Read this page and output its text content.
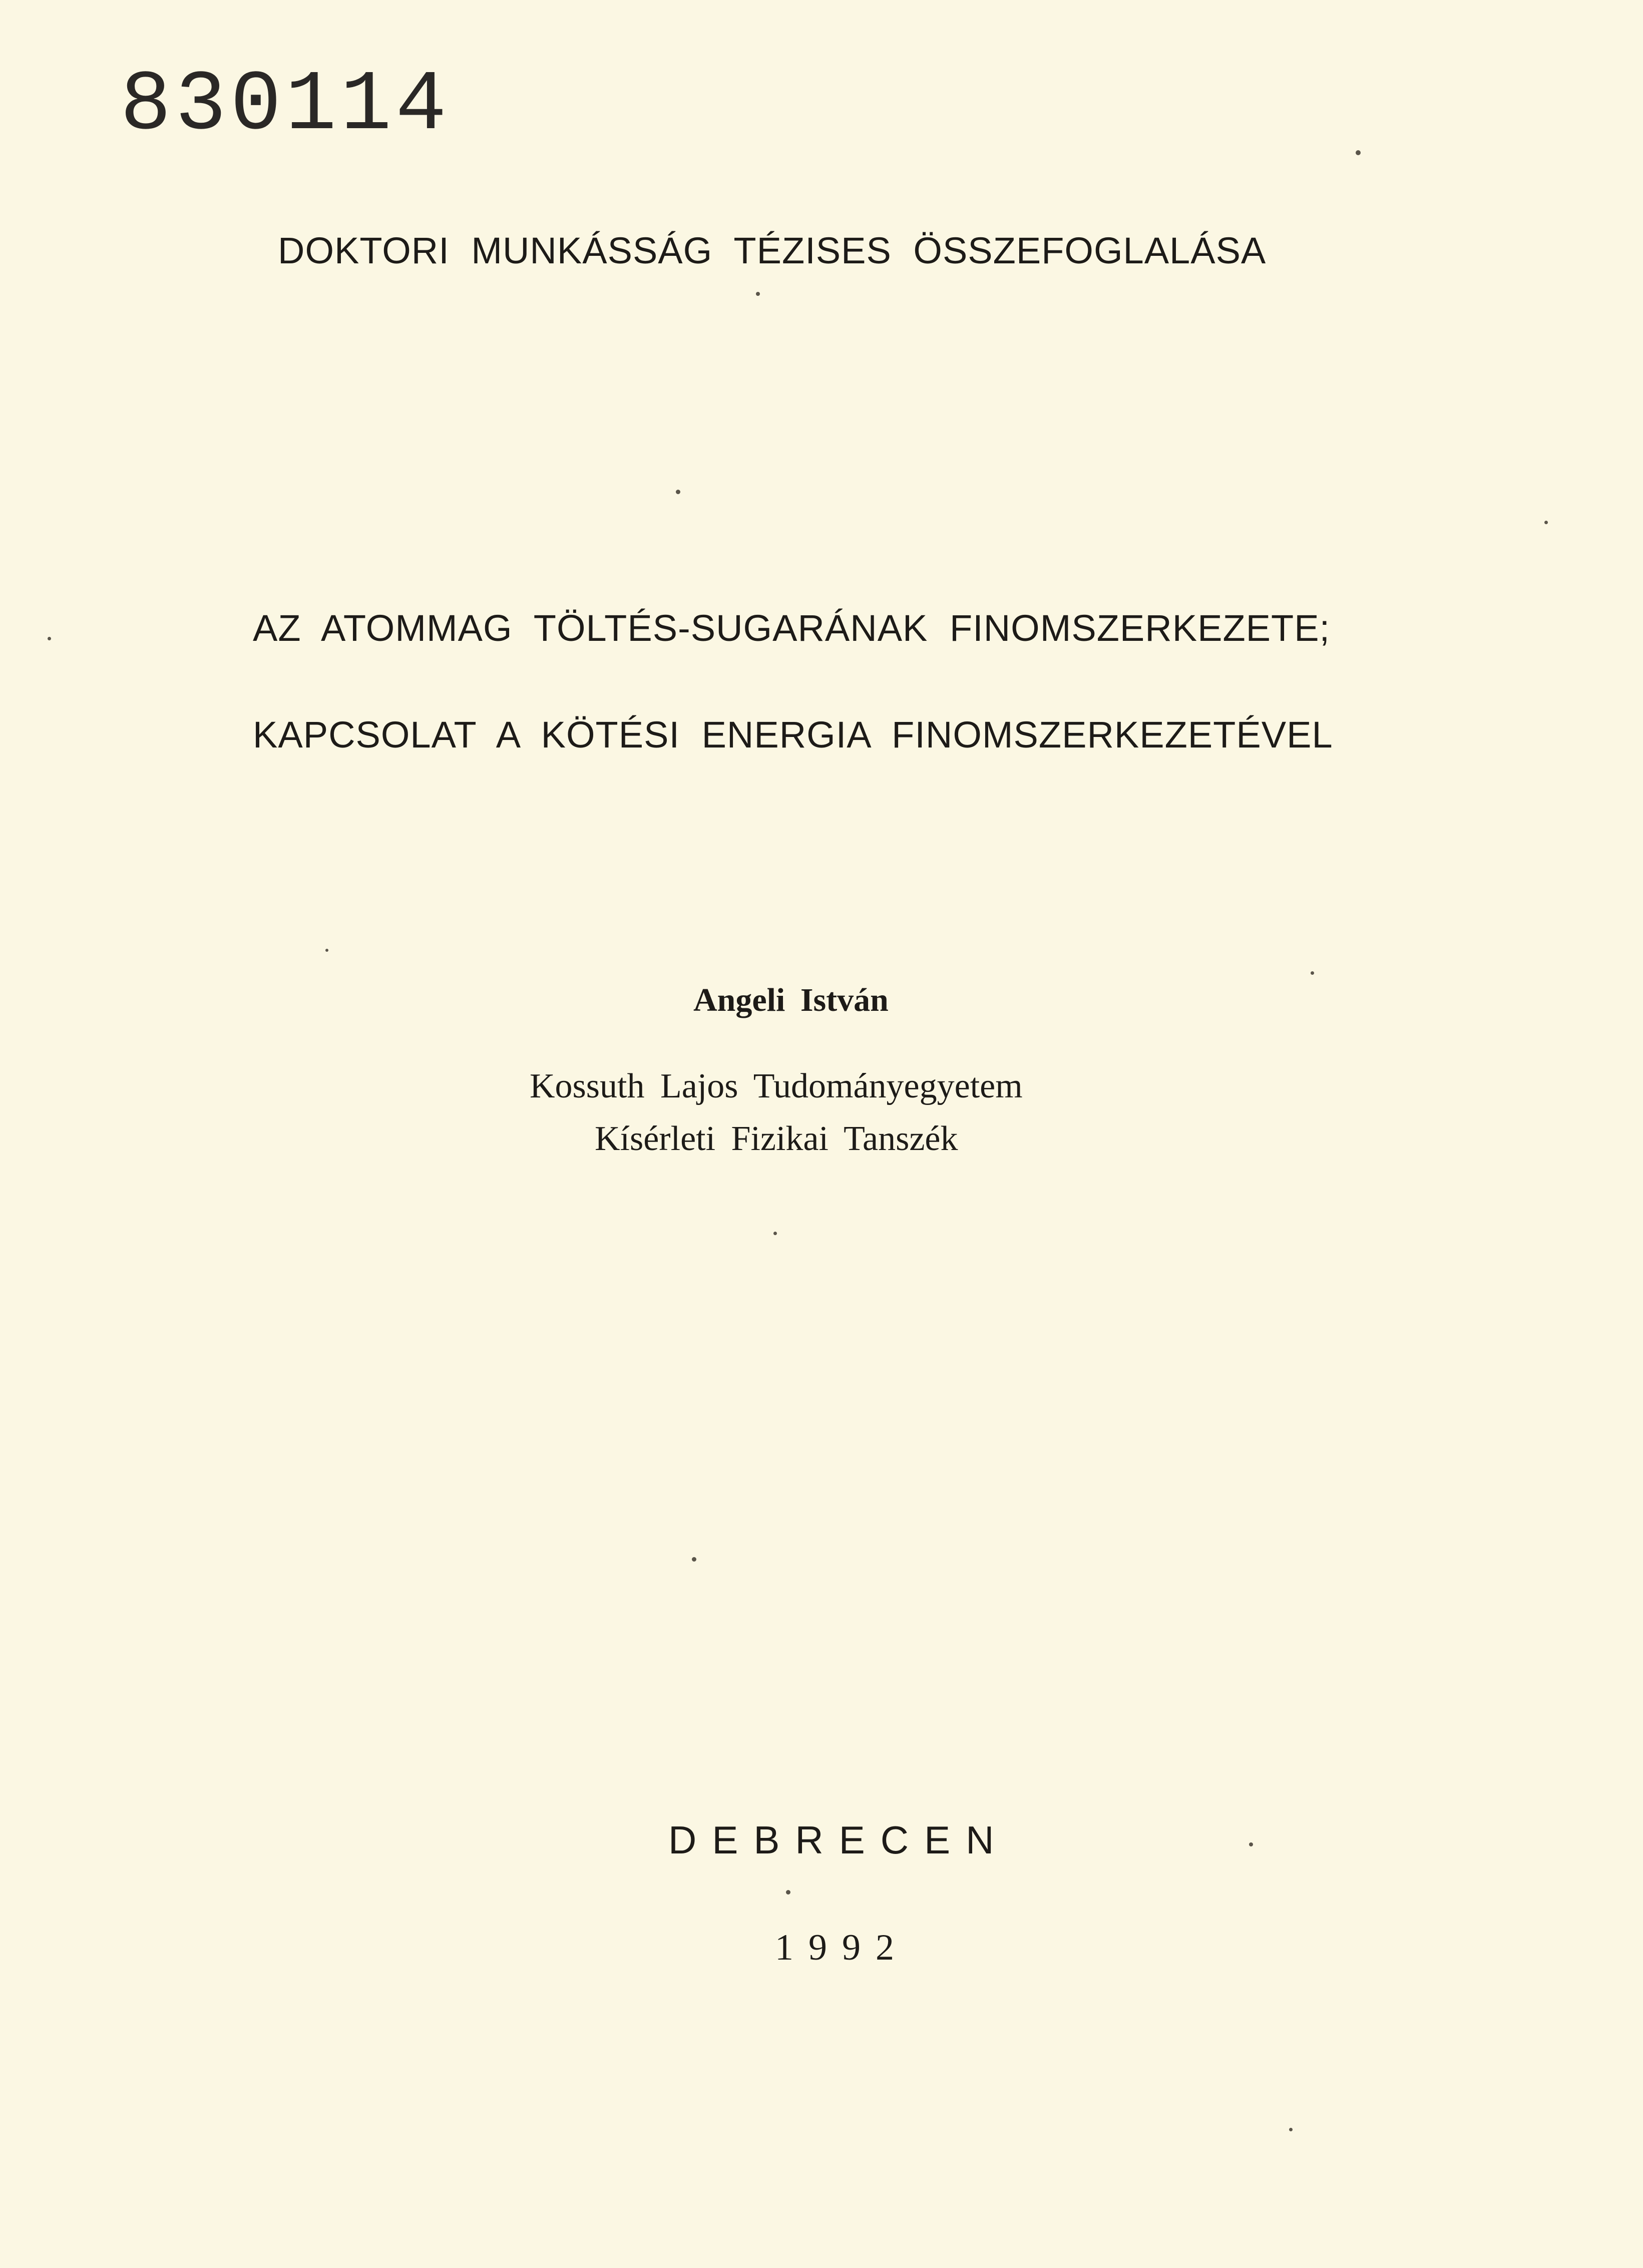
830114
DOKTORI MUNKÁSSÁG TÉZISES ÖSSZEFOGLALÁSA
AZ ATOMMAG TÖLTÉS-SUGARÁNAK FINOMSZERKEZETE;
KAPCSOLAT A KÖTÉSI ENERGIA FINOMSZERKEZETÉVEL
Angeli István
Kossuth Lajos Tudományegyetem
Kísérleti Fizikai Tanszék
DEBRECEN
1992
